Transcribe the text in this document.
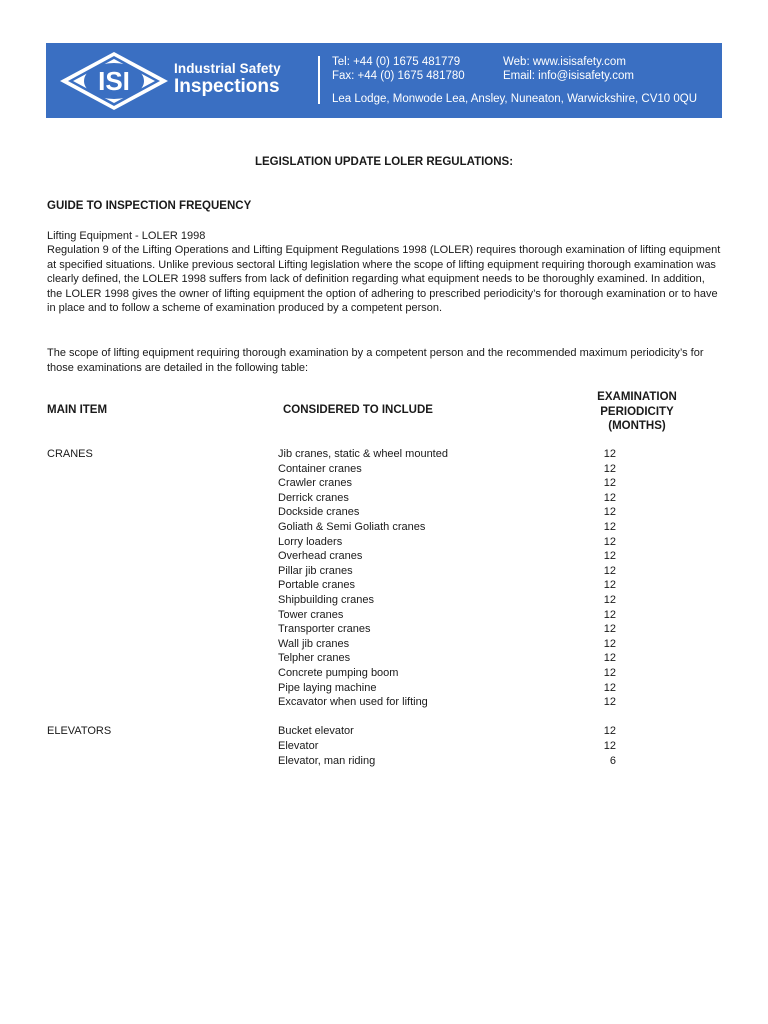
ISI	Industrial Safety
Inspections
Tel: +44 (0) 1675 481779
Fax: +44 (0) 1675 481780
Web: www.isisafety.com
Email: info@isisafety.com
Lea Lodge, Monwode Lea, Ansley, Nuneaton, Warwickshire, CV10 0QU
LEGISLATION UPDATE LOLER REGULATIONS:
GUIDE TO INSPECTION FREQUENCY
Lifting Equipment - LOLER 1998
Regulation 9 of the Lifting Operations and Lifting Equipment Regulations 1998 (LOLER) requires thorough examination of lifting equipment at specified situations. Unlike previous sectoral Lifting legislation where the scope of lifting equipment requiring thorough examination was clearly defined, the LOLER 1998 suffers from lack of definition regarding what equipment needs to be thoroughly examined. In addition, the LOLER 1998 gives the owner of lifting equipment the option of adhering to prescribed periodicity’s for thorough examination or to have in place and to follow a scheme of examination produced by a competent person.
The scope of lifting equipment requiring thorough examination by a competent person and the recommended maximum periodicity’s for those examinations are detailed in the following table:
MAIN ITEM	CONSIDERED TO INCLUDE
EXAMINATION
PERIODICITY
(MONTHS)
CRANES	Jib cranes, static & wheel mounted	12
Container cranes	12
Crawler cranes	12
Derrick cranes	12
Dockside cranes	12
Goliath & Semi Goliath cranes	12
Lorry loaders	12
Overhead cranes	12
Pillar jib cranes	12
Portable cranes	12
Shipbuilding cranes	12
Tower cranes	12
Transporter cranes	12
Wall jib cranes	12
Telpher cranes	12
Concrete pumping boom	12
Pipe laying machine	12
Excavator when used for lifting	12
ELEVATORS	Bucket elevator	12
Elevator	12
Elevator, man riding	6
